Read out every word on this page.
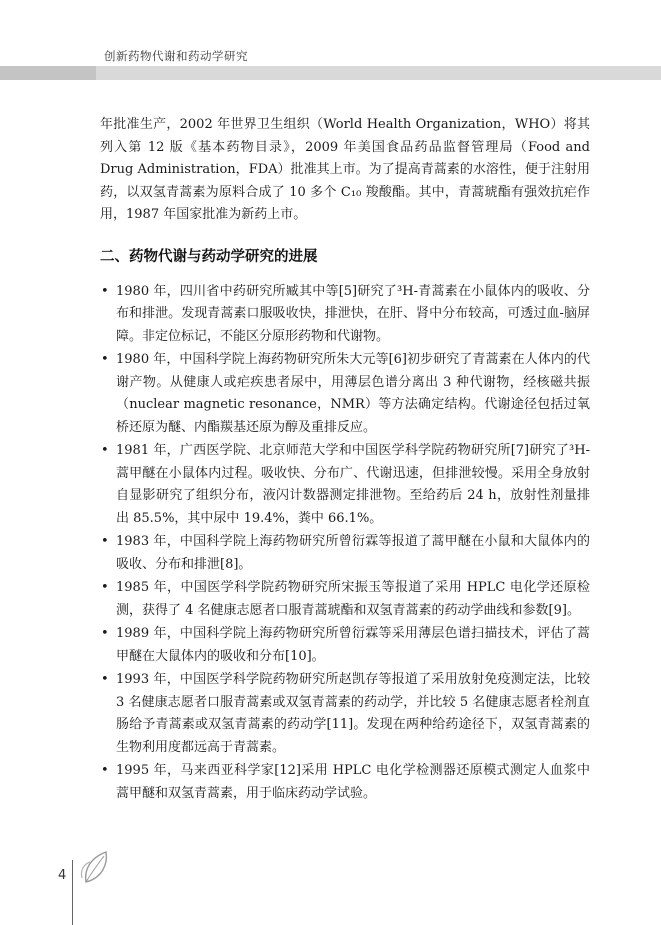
创新药物代谢和药动学研究

年批准生产，2002 年世界卫生组织（World Health Organization，WHO）将其列入第 12 版《基本药物目录》，2009 年美国食品药品监督管理局（Food and Drug Administration，FDA）批准其上市。为了提高青蒿素的水溶性，便于注射用药，以双氢青蒿素为原料合成了 10 多个 C₁₀ 羧酸酯。其中，青蒿琥酯有强效抗疟作用，1987 年国家批准为新药上市。

二、药物代谢与药动学研究的进展
• 1980 年，四川省中药研究所臧其中等[5]研究了³H-青蒿素在小鼠体内的吸收、分布和排泄。发现青蒿素口服吸收快，排泄快，在肝、肾中分布较高，可透过血-脑屏障。非定位标记，不能区分原形药物和代谢物。
• 1980 年，中国科学院上海药物研究所朱大元等[6]初步研究了青蒿素在人体内的代谢产物。从健康人或疟疾患者尿中，用薄层色谱分离出 3 种代谢物，经核磁共振（nuclear magnetic resonance，NMR）等方法确定结构。代谢途径包括过氧桥还原为醚、内酯羰基还原为醇及重排反应。
• 1981 年，广西医学院、北京师范大学和中国医学科学院药物研究所[7]研究了³H-蒿甲醚在小鼠体内过程。吸收快、分布广、代谢迅速，但排泄较慢。采用全身放射自显影研究了组织分布，液闪计数器测定排泄物。至给药后 24 h，放射性剂量排出 85.5%，其中尿中 19.4%，粪中 66.1%。
• 1983 年，中国科学院上海药物研究所曾衍霖等报道了蒿甲醚在小鼠和大鼠体内的吸收、分布和排泄[8]。
• 1985 年，中国医学科学院药物研究所宋振玉等报道了采用 HPLC 电化学还原检测，获得了 4 名健康志愿者口服青蒿琥酯和双氢青蒿素的药动学曲线和参数[9]。
• 1989 年，中国科学院上海药物研究所曾衍霖等采用薄层色谱扫描技术，评估了蒿甲醚在大鼠体内的吸收和分布[10]。
• 1993 年，中国医学科学院药物研究所赵凯存等报道了采用放射免疫测定法，比较 3 名健康志愿者口服青蒿素或双氢青蒿素的药动学，并比较 5 名健康志愿者栓剂直肠给予青蒿素或双氢青蒿素的药动学[11]。发现在两种给药途径下，双氢青蒿素的生物利用度都远高于青蒿素。
• 1995 年，马来西亚科学家[12]采用 HPLC 电化学检测器还原模式测定人血浆中蒿甲醚和双氢青蒿素，用于临床药动学试验。
4
